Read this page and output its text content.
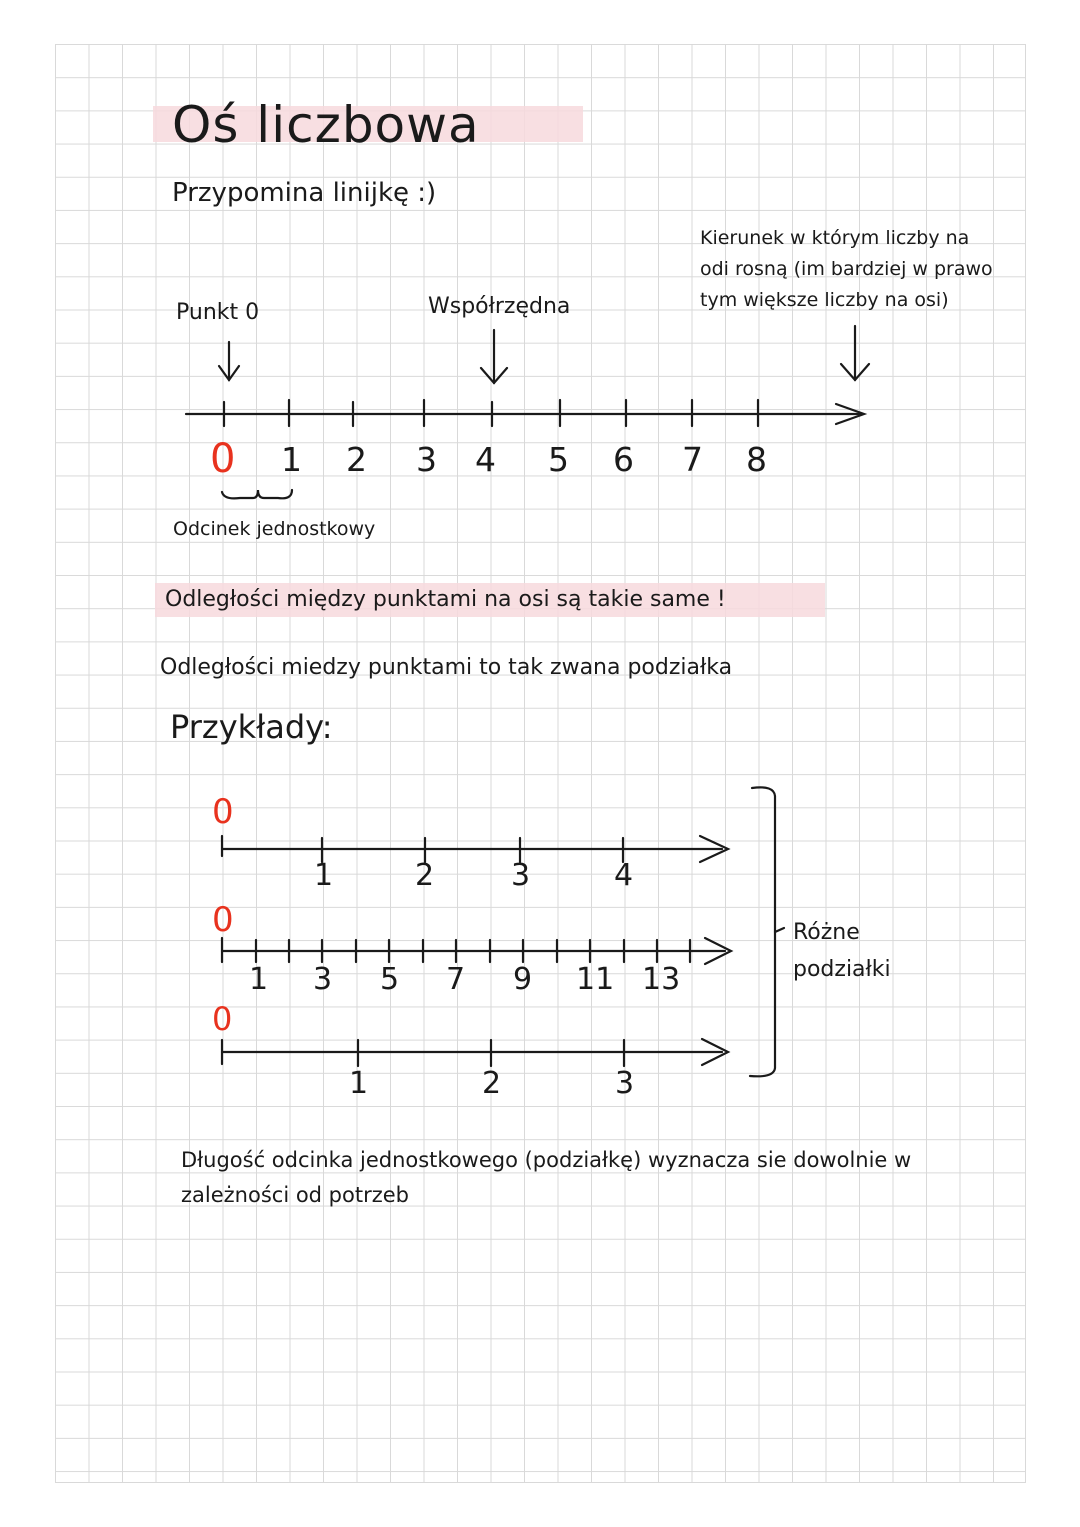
Oś liczbowa
Przypomina linijkę :)
Punkt 0	Współrzędna
Kierunek w którym liczby na
odi rosną (im bardziej w prawo
tym większe liczby na osi)
0 1 2 3 4 5 6 7 8
Odcinek jednostkowy
Odległości między punktami na osi są takie same !
Odległości miedzy punktami to tak zwana podziałka
Przykłady:
0
1	2	3	4
0
1 3 5 7 9 11 13
0
1	2	3
Różne
podziałki
Długość odcinka jednostkowego (podziałkę) wyznacza sie dowolnie w
zależności od potrzeb
